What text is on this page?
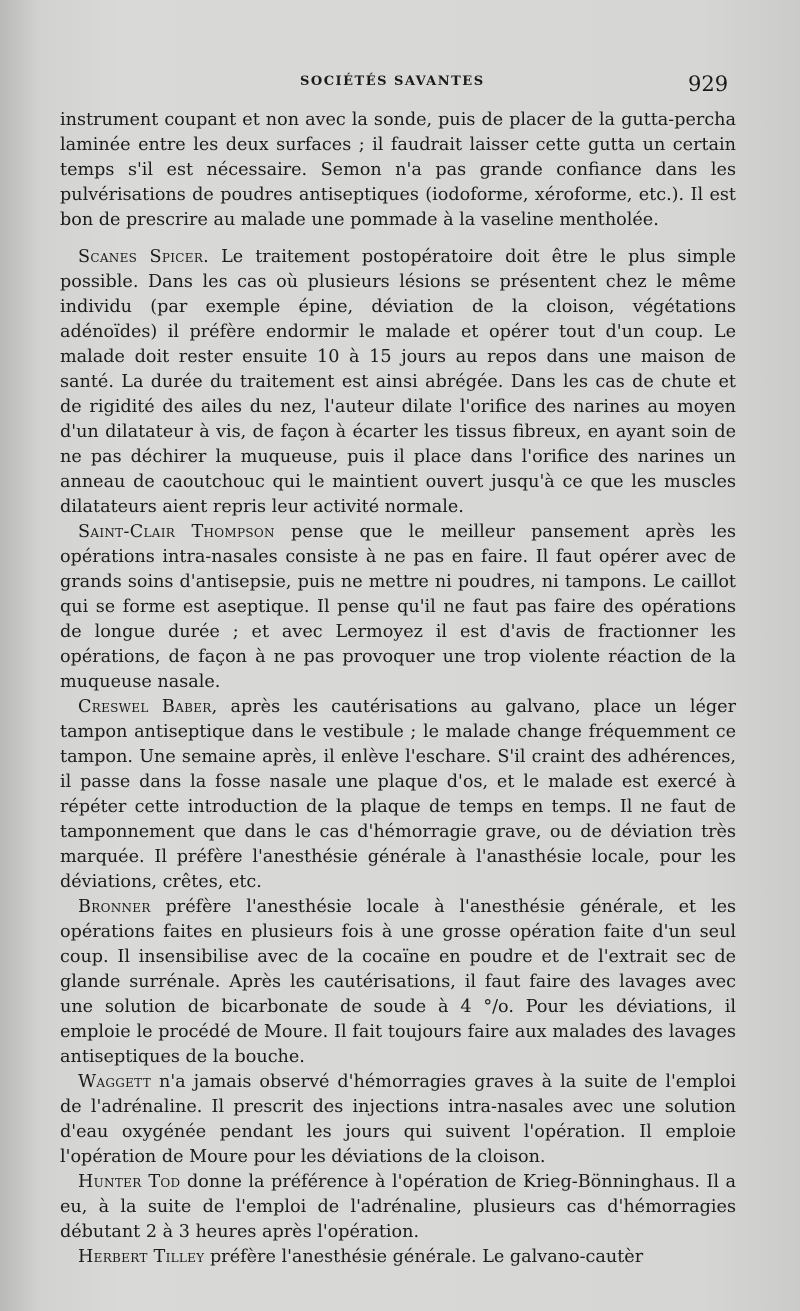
SOCIÉTÉS SAVANTES	929

instrument coupant et non avec la sonde, puis de placer de la gutta-percha laminée entre les deux surfaces ; il faudrait laisser cette gutta un certain temps s'il est nécessaire. Semon n'a pas grande confiance dans les pulvérisations de poudres antiseptiques (iodoforme, xéroforme, etc.). Il est bon de prescrire au malade une pommade à la vaseline mentholée.

Scanes Spicer. Le traitement postopératoire doit être le plus simple possible. Dans les cas où plusieurs lésions se présentent chez le même individu (par exemple épine, déviation de la cloison, végétations adénoïdes) il préfère endormir le malade et opérer tout d'un coup. Le malade doit rester ensuite 10 à 15 jours au repos dans une maison de santé. La durée du traitement est ainsi abrégée. Dans les cas de chute et de rigidité des ailes du nez, l'auteur dilate l'orifice des narines au moyen d'un dilatateur à vis, de façon à écarter les tissus fibreux, en ayant soin de ne pas déchirer la muqueuse, puis il place dans l'orifice des narines un anneau de caoutchouc qui le maintient ouvert jusqu'à ce que les muscles dilatateurs aient repris leur activité normale.

Saint-Clair Thompson pense que le meilleur pansement après les opérations intra-nasales consiste à ne pas en faire. Il faut opérer avec de grands soins d'antisepsie, puis ne mettre ni poudres, ni tampons. Le caillot qui se forme est aseptique. Il pense qu'il ne faut pas faire des opérations de longue durée ; et avec Lermoyez il est d'avis de fractionner les opérations, de façon à ne pas provoquer une trop violente réaction de la muqueuse nasale.

Creswel Baber, après les cautérisations au galvano, place un léger tampon antiseptique dans le vestibule ; le malade change fréquemment ce tampon. Une semaine après, il enlève l'eschare. S'il craint des adhérences, il passe dans la fosse nasale une plaque d'os, et le malade est exercé à répéter cette introduction de la plaque de temps en temps. Il ne faut de tamponnement que dans le cas d'hémorragie grave, ou de déviation très marquée. Il préfère l'anesthésie générale à l'anasthésie locale, pour les déviations, crêtes, etc.

Bronner préfère l'anesthésie locale à l'anesthésie générale, et les opérations faites en plusieurs fois à une grosse opération faite d'un seul coup. Il insensibilise avec de la cocaïne en poudre et de l'extrait sec de glande surrénale. Après les cautérisations, il faut faire des lavages avec une solution de bicarbonate de soude à 4 °/o. Pour les déviations, il emploie le procédé de Moure. Il fait toujours faire aux malades des lavages antiseptiques de la bouche.

Waggett n'a jamais observé d'hémorragies graves à la suite de l'emploi de l'adrénaline. Il prescrit des injections intra-nasales avec une solution d'eau oxygénée pendant les jours qui suivent l'opération. Il emploie l'opération de Moure pour les déviations de la cloison.

Hunter Tod donne la préférence à l'opération de Krieg-Bönninghaus. Il a eu, à la suite de l'emploi de l'adrénaline, plusieurs cas d'hémorragies débutant 2 à 3 heures après l'opération.

Herbert Tilley préfère l'anesthésie générale. Le galvano-cautèr
